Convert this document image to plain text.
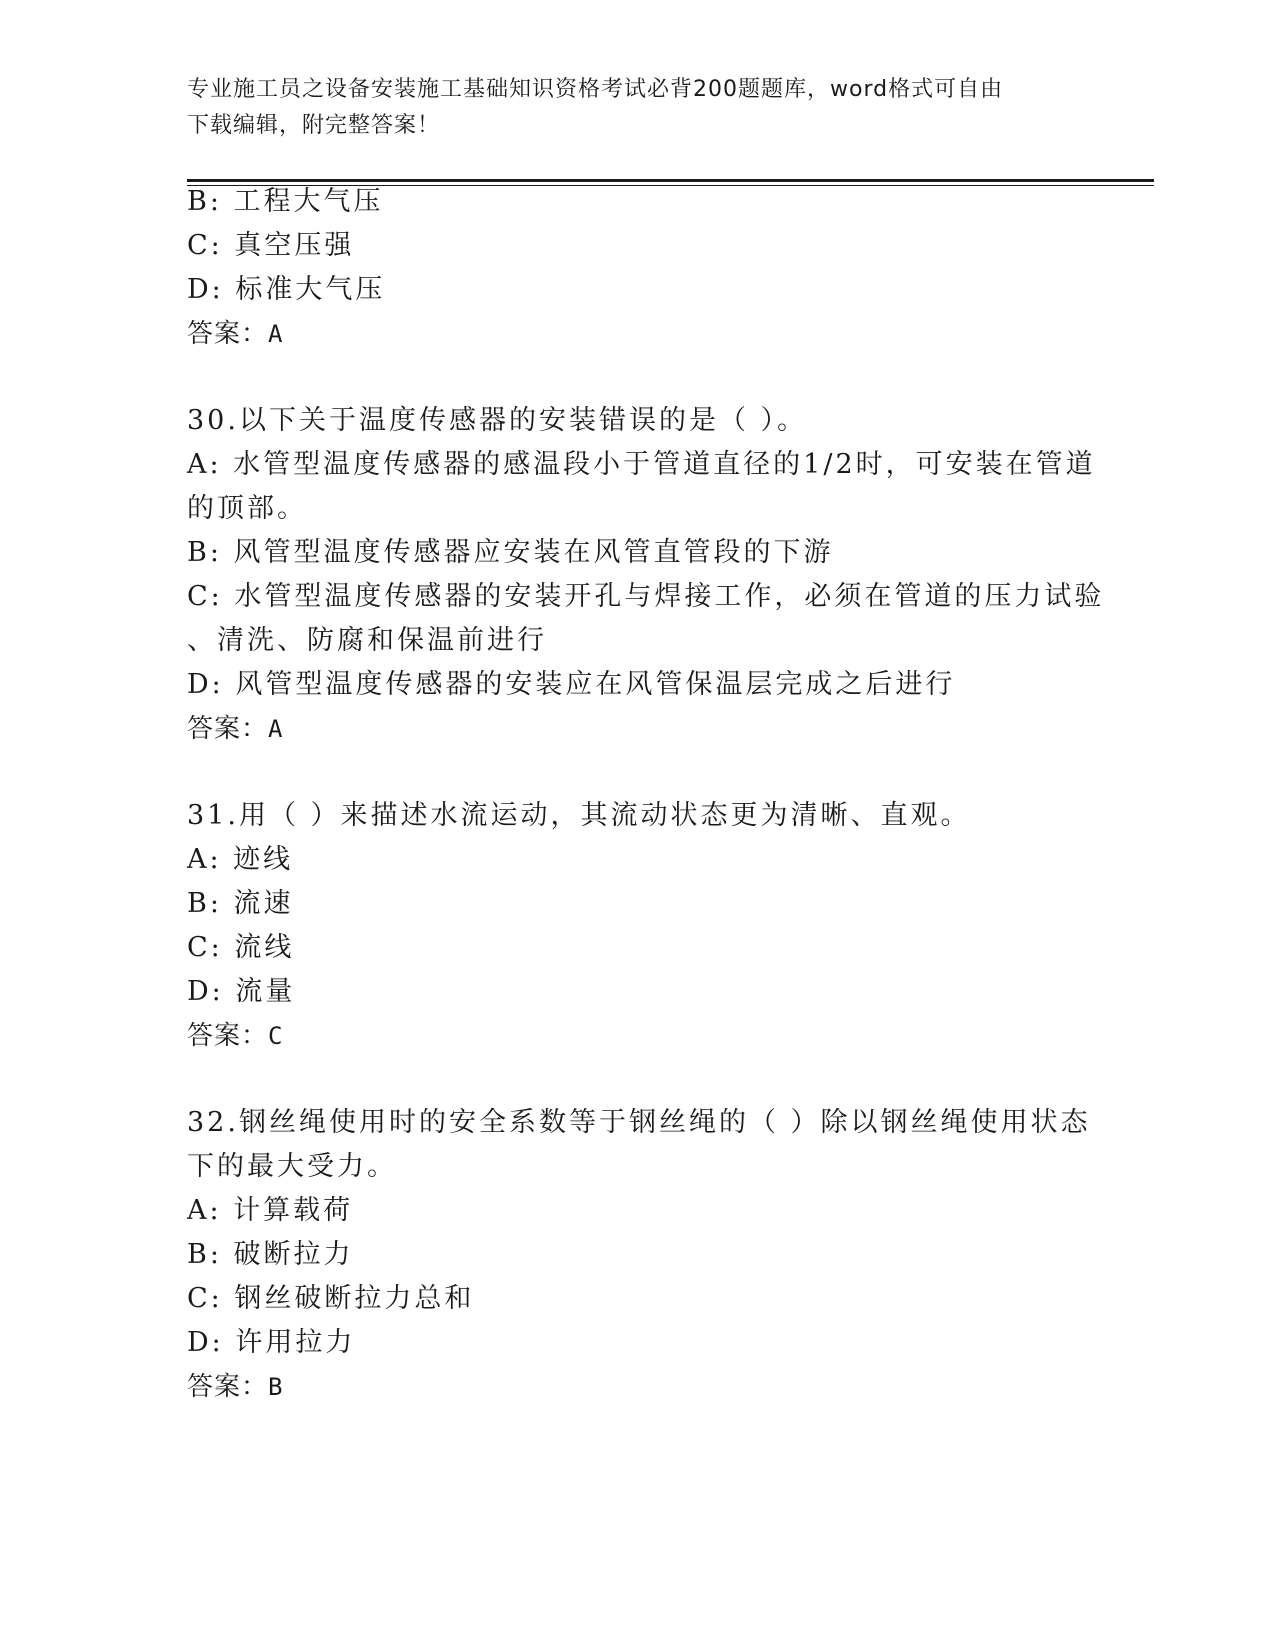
专业施工员之设备安装施工基础知识资格考试必背200题题库，word格式可自由
下载编辑，附完整答案！
B: 工程大气压
C: 真空压强
D: 标准大气压
答案：A
30.以下关于温度传感器的安装错误的是（ ）。
A: 水管型温度传感器的感温段小于管道直径的1/2时，可安装在管道
的顶部。
B: 风管型温度传感器应安装在风管直管段的下游
C: 水管型温度传感器的安装开孔与焊接工作，必须在管道的压力试验
、清洗、防腐和保温前进行
D: 风管型温度传感器的安装应在风管保温层完成之后进行
答案：A
31.用（ ）来描述水流运动，其流动状态更为清晰、直观。
A: 迹线
B: 流速
C: 流线
D: 流量
答案：C
32.钢丝绳使用时的安全系数等于钢丝绳的（ ）除以钢丝绳使用状态
下的最大受力。
A: 计算载荷
B: 破断拉力
C: 钢丝破断拉力总和
D: 许用拉力
答案：B
